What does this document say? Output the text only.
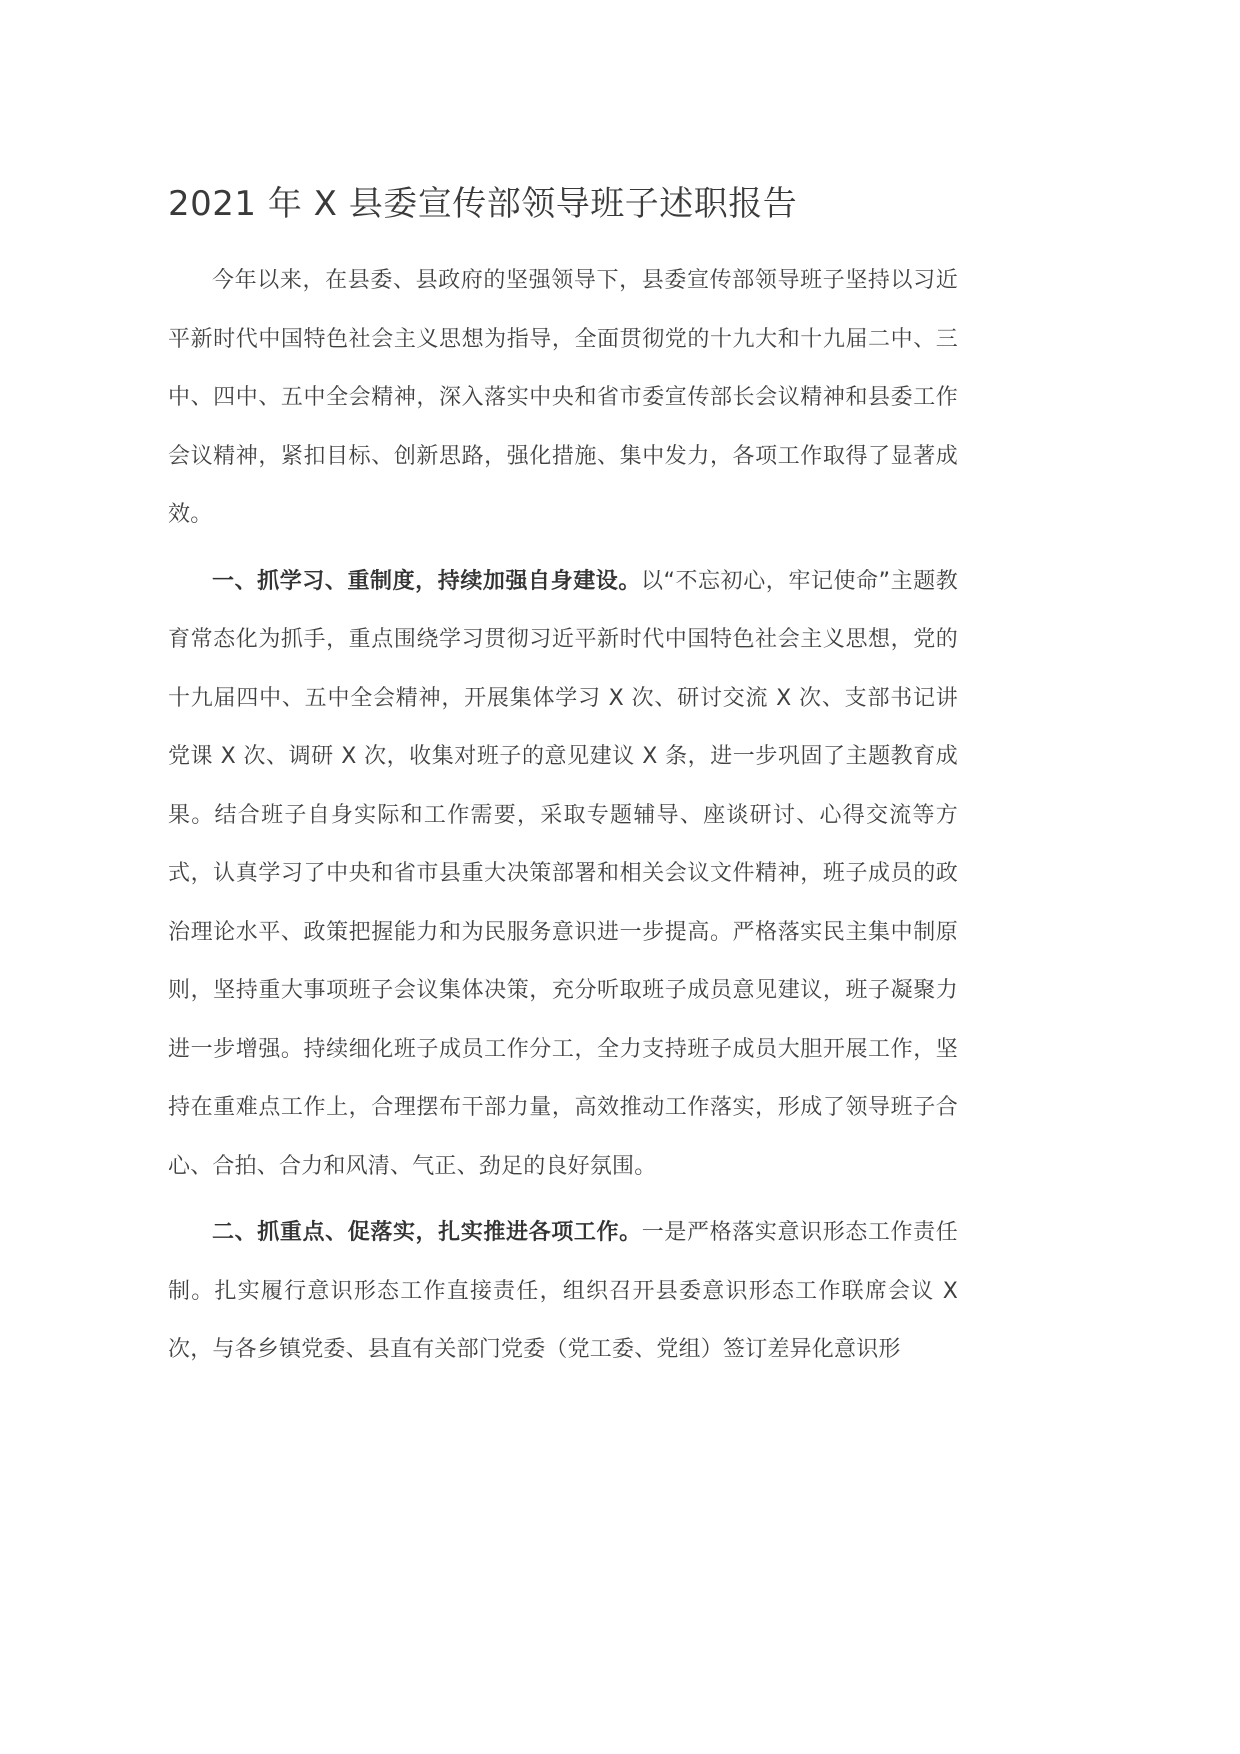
2021 年 X 县委宣传部领导班子述职报告

今年以来，在县委、县政府的坚强领导下，县委宣传部领导班子坚持以习近平新时代中国特色社会主义思想为指导，全面贯彻党的十九大和十九届二中、三中、四中、五中全会精神，深入落实中央和省市委宣传部长会议精神和县委工作会议精神，紧扣目标、创新思路，强化措施、集中发力，各项工作取得了显著成效。

一、抓学习、重制度，持续加强自身建设。以“不忘初心，牢记使命”主题教育常态化为抓手，重点围绕学习贯彻习近平新时代中国特色社会主义思想，党的十九届四中、五中全会精神，开展集体学习 X 次、研讨交流 X 次、支部书记讲党课 X 次、调研 X 次，收集对班子的意见建议 X 条，进一步巩固了主题教育成果。结合班子自身实际和工作需要，采取专题辅导、座谈研讨、心得交流等方式，认真学习了中央和省市县重大决策部署和相关会议文件精神，班子成员的政治理论水平、政策把握能力和为民服务意识进一步提高。严格落实民主集中制原则，坚持重大事项班子会议集体决策，充分听取班子成员意见建议，班子凝聚力进一步增强。持续细化班子成员工作分工，全力支持班子成员大胆开展工作，坚持在重难点工作上，合理摆布干部力量，高效推动工作落实，形成了领导班子合心、合拍、合力和风清、气正、劲足的良好氛围。

二、抓重点、促落实，扎实推进各项工作。一是严格落实意识形态工作责任制。扎实履行意识形态工作直接责任，组织召开县委意识形态工作联席会议 X 次，与各乡镇党委、县直有关部门党委（党工委、党组）签订差异化意识形
